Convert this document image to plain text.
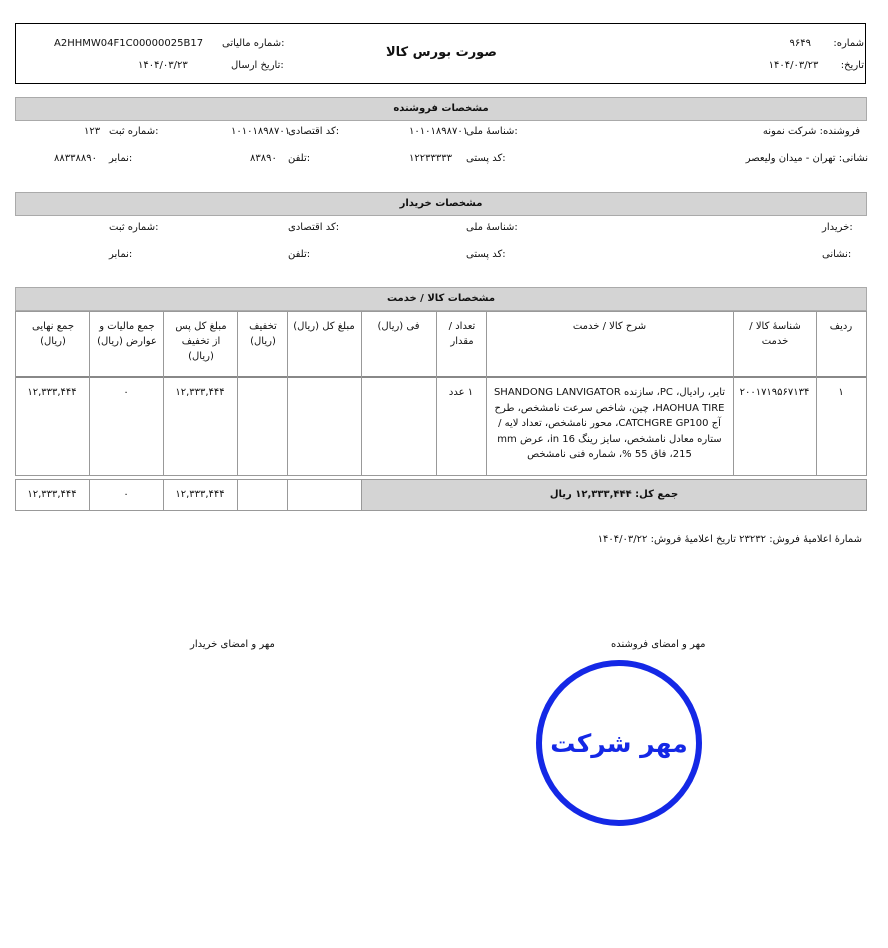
شماره:  ۹۶۴۹
تاریخ:  ۱۴۰۴/۰۳/۲۳
صورت بورس کالا
شماره مالیاتی:
A2HHMW04F1C00000025B17
تاریخ ارسال:
۱۴۰۴/۰۳/۲۳
مشخصات فروشنده
فروشنده: شرکت نمونه
شناسهٔ ملی:
۱۰۱۰۱۸۹۸۷۰۱
کد اقتصادی:
۱۰۱۰۱۸۹۸۷۰۱
شماره ثبت:
۱۲۳
نشانی: تهران - میدان ولیعصر
کد پستی:
۱۲۲۳۳۳۳۳
تلفن:
۸۳۸۹۰
نمابر:
۸۸۳۳۸۸۹۰
مشخصات خریدار
خریدار:
شناسهٔ ملی:
کد اقتصادی:
شماره ثبت:
نشانی:
کد پستی:
تلفن:
نمابر:
مشخصات کالا / خدمت
ردیف
شناسهٔ کالا / خدمت
شرح کالا / خدمت
تعداد / مقدار
فی (ریال)
مبلغ کل (ریال)
تخفیف (ریال)
مبلغ کل پس از تخفیف (ریال)
جمع مالیات و عوارض (ریال)
جمع نهایی (ریال)
۱
۲۰۰۱۷۱۹۵۶۷۱۳۴
تایر، رادیال، PC، سازنده SHANDONG LANVIGATOR HAOHUA TIRE، چین، شاخص سرعت نامشخص، طرح آج CATCHGRE GP100، محور نامشخص، تعداد لایه / ستاره معادل نامشخص، سایز رینگ in 16، عرض mm 215، فاق 55 %، شماره فنی نامشخص
۱ عدد
۱۲,۳۳۳,۴۴۴
۰
۱۲,۳۳۳,۴۴۴
جمع کل: ۱۲,۳۳۳,۴۴۴ ریال
۱۲,۳۳۳,۴۴۴
۰
۱۲,۳۳۳,۴۴۴
شمارهٔ اعلامیهٔ فروش: ۲۳۲۳۲ تاریخ اعلامیهٔ فروش: ۱۴۰۴/۰۳/۲۲
مهر و امضای فروشنده
مهر و امضای خریدار
مهر شرکت
